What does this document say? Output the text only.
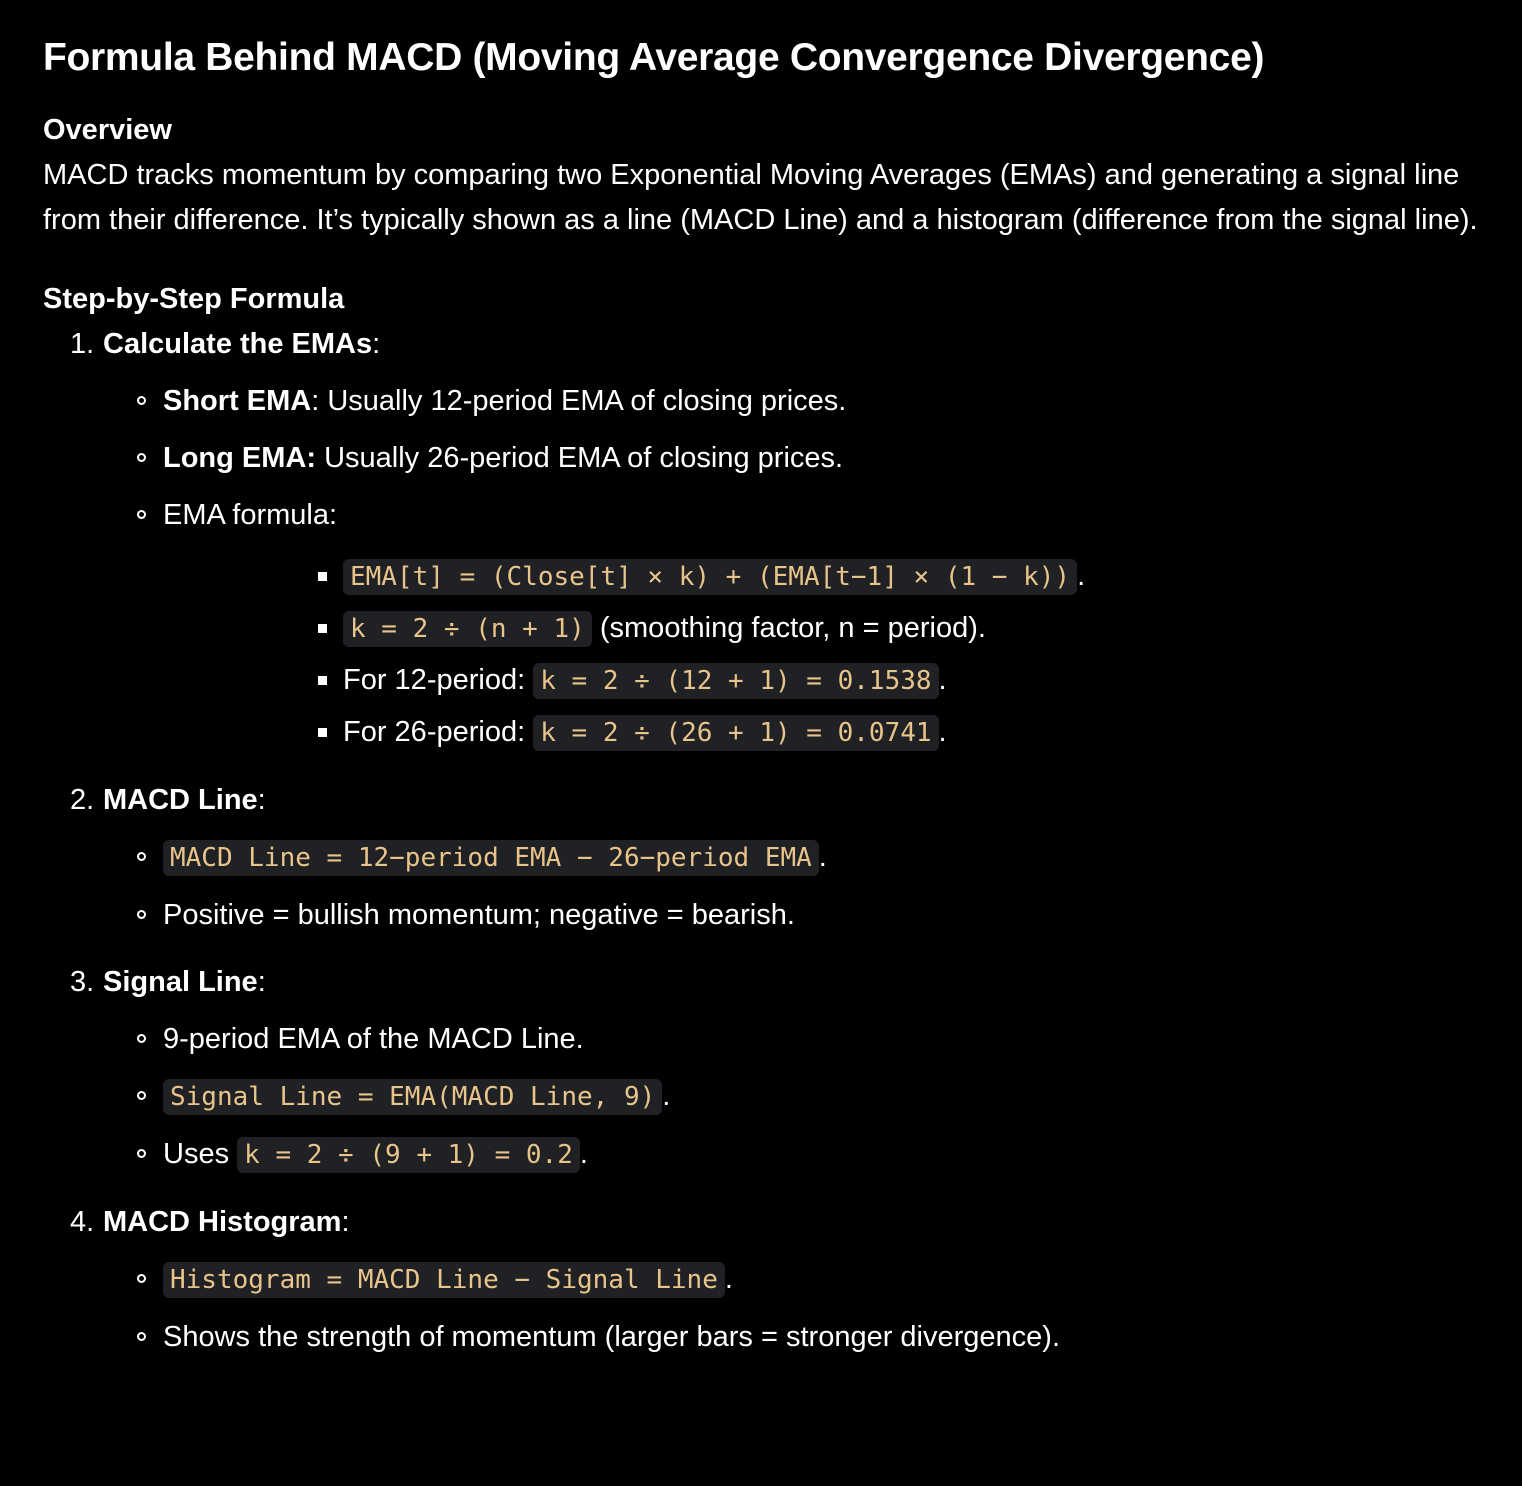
Formula Behind MACD (Moving Average Convergence Divergence)
Overview

MACD tracks momentum by comparing two Exponential Moving Averages (EMAs) and generating a signal line from their difference. It’s typically shown as a line (MACD Line) and a histogram (difference from the signal line).

Step-by-Step Formula
1. Calculate the EMAs:
Short EMA: Usually 12-period EMA of closing prices.
Long EMA: Usually 26-period EMA of closing prices.
EMA formula:
EMA[t] = (Close[t] × k) + (EMA[t−1] × (1 − k)) .
k = 2 ÷ (n + 1) (smoothing factor, n = period).
For 12-period: k = 2 ÷ (12 + 1) = 0.1538 .
For 26-period: k = 2 ÷ (26 + 1) = 0.0741 .
2. MACD Line:
MACD Line = 12−period EMA − 26−period EMA .
Positive = bullish momentum; negative = bearish.
3. Signal Line:
9-period EMA of the MACD Line.
Signal Line = EMA(MACD Line, 9) .
Uses k = 2 ÷ (9 + 1) = 0.2 .
4. MACD Histogram:
Histogram = MACD Line − Signal Line .
Shows the strength of momentum (larger bars = stronger divergence).
